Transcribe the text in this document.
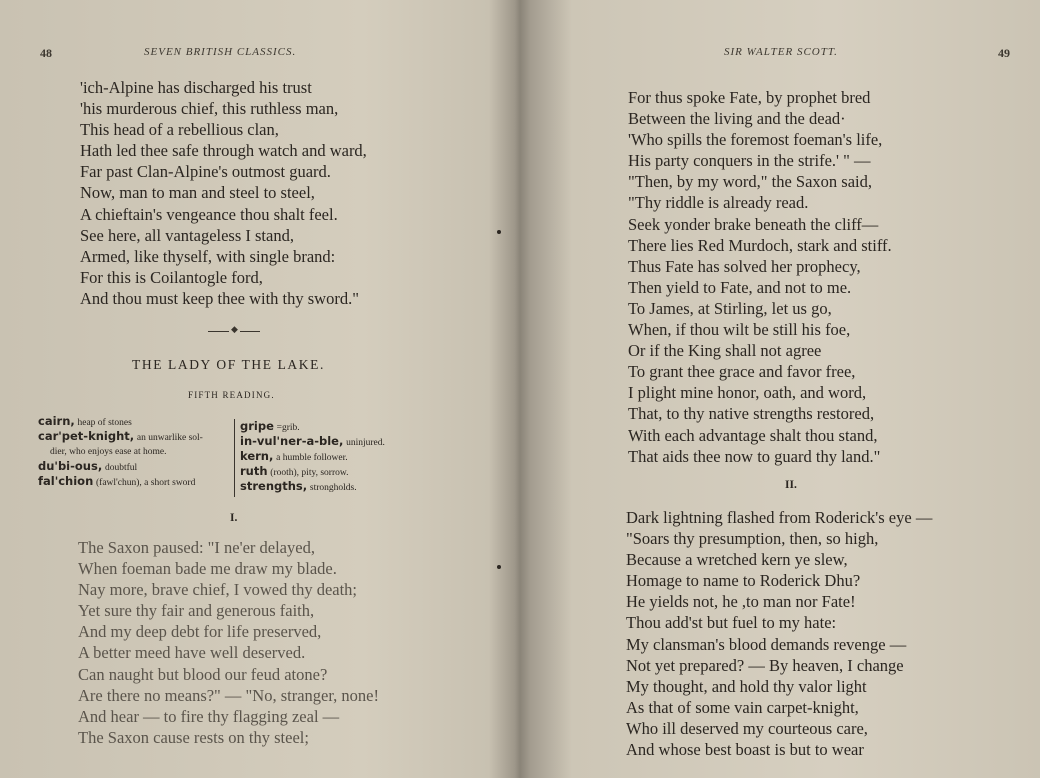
48	SEVEN BRITISH CLASSICS.
'ich-Alpine has discharged his trust
'his murderous chief, this ruthless man,
This head of a rebellious clan,
Hath led thee safe through watch and ward,
Far past Clan-Alpine's outmost guard.
Now, man to man and steel to steel,
A chieftain's vengeance thou shalt feel.
See here, all vantageless I stand,
Armed, like thyself, with single brand:
For this is Coilantogle ford,
And thou must keep thee with thy sword."
◆
THE LADY OF THE LAKE.
FIFTH READING.
cairn, heap of stones
car'pet-knight, an unwarlike sol-
dier, who enjoys ease at home.
du'bi-ous, doubtful
fal'chion (fawl'chun), a short sword
gripe =grib.
in-vul'ner-a-ble, uninjured.
kern, a humble follower.
ruth (rooth), pity, sorrow.
strengths, strongholds.
I.
The Saxon paused: "I ne'er delayed,
When foeman bade me draw my blade.
Nay more, brave chief, I vowed thy death;
Yet sure thy fair and generous faith,
And my deep debt for life preserved,
A better meed have well deserved.
Can naught but blood our feud atone?
Are there no means?" — "No, stranger, none!
And hear — to fire thy flagging zeal —
The Saxon cause rests on thy steel;
SIR WALTER SCOTT.	49
For thus spoke Fate, by prophet bred
Between the living and the dead·
'Who spills the foremost foeman's life,
His party conquers in the strife.' " —
"Then, by my word," the Saxon said,
"Thy riddle is already read.
Seek yonder brake beneath the cliff—
There lies Red Murdoch, stark and stiff.
Thus Fate has solved her prophecy,
Then yield to Fate, and not to me.
To James, at Stirling, let us go,
When, if thou wilt be still his foe,
Or if the King shall not agree
To grant thee grace and favor free,
I plight mine honor, oath, and word,
That, to thy native strengths restored,
With each advantage shalt thou stand,
That aids thee now to guard thy land."
II.
Dark lightning flashed from Roderick's eye —
"Soars thy presumption, then, so high,
Because a wretched kern ye slew,
Homage to name to Roderick Dhu?
He yields not, he ,to man nor Fate!
Thou add'st but fuel to my hate:
My clansman's blood demands revenge —
Not yet prepared? — By heaven, I change
My thought, and hold thy valor light
As that of some vain carpet-knight,
Who ill deserved my courteous care,
And whose best boast is but to wear
